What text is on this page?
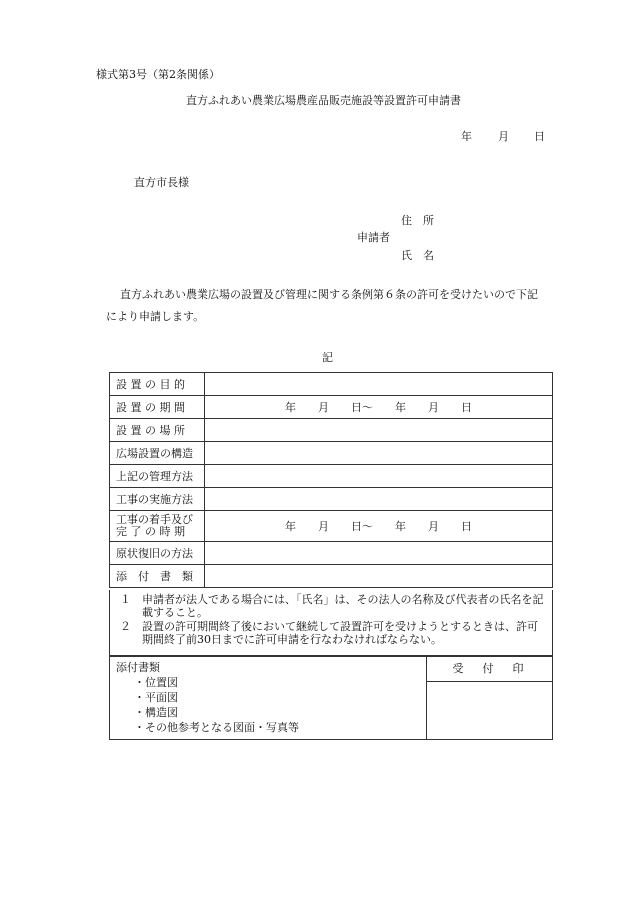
様式第3号（第2条関係）
直方ふれあい農業広場農産品販売施設等設置許可申請書
年 月 日
直方市長様
住　所
申請者
氏　名
直方ふれあい農業広場の設置及び管理に関する条例第６条の許可を受けたいので下記
により申請します。
記
設 置 の 目 的	
設 置 の 期 間	年　　月　　日～　　年　　月　　日
設 置 の 場 所	
広場設置の構造	
上記の管理方法	
工事の実施方法	
工事の着手及び完 了 の 時 期	年　　月　　日～　　年　　月　　日
原状復旧の方法	
添　付　書　類	
１ 申請者が法人である場合には、「氏名」は、その法人の名称及び代表者の氏名を記載すること。
２ 設置の許可期間終了後において継続して設置許可を受けようとするときは、許可期間終了前30日までに許可申請を行なわなければならない。
添付書類
・位置図
・平面図
・構造図
・その他参考となる図面・写真等
受　付　印
